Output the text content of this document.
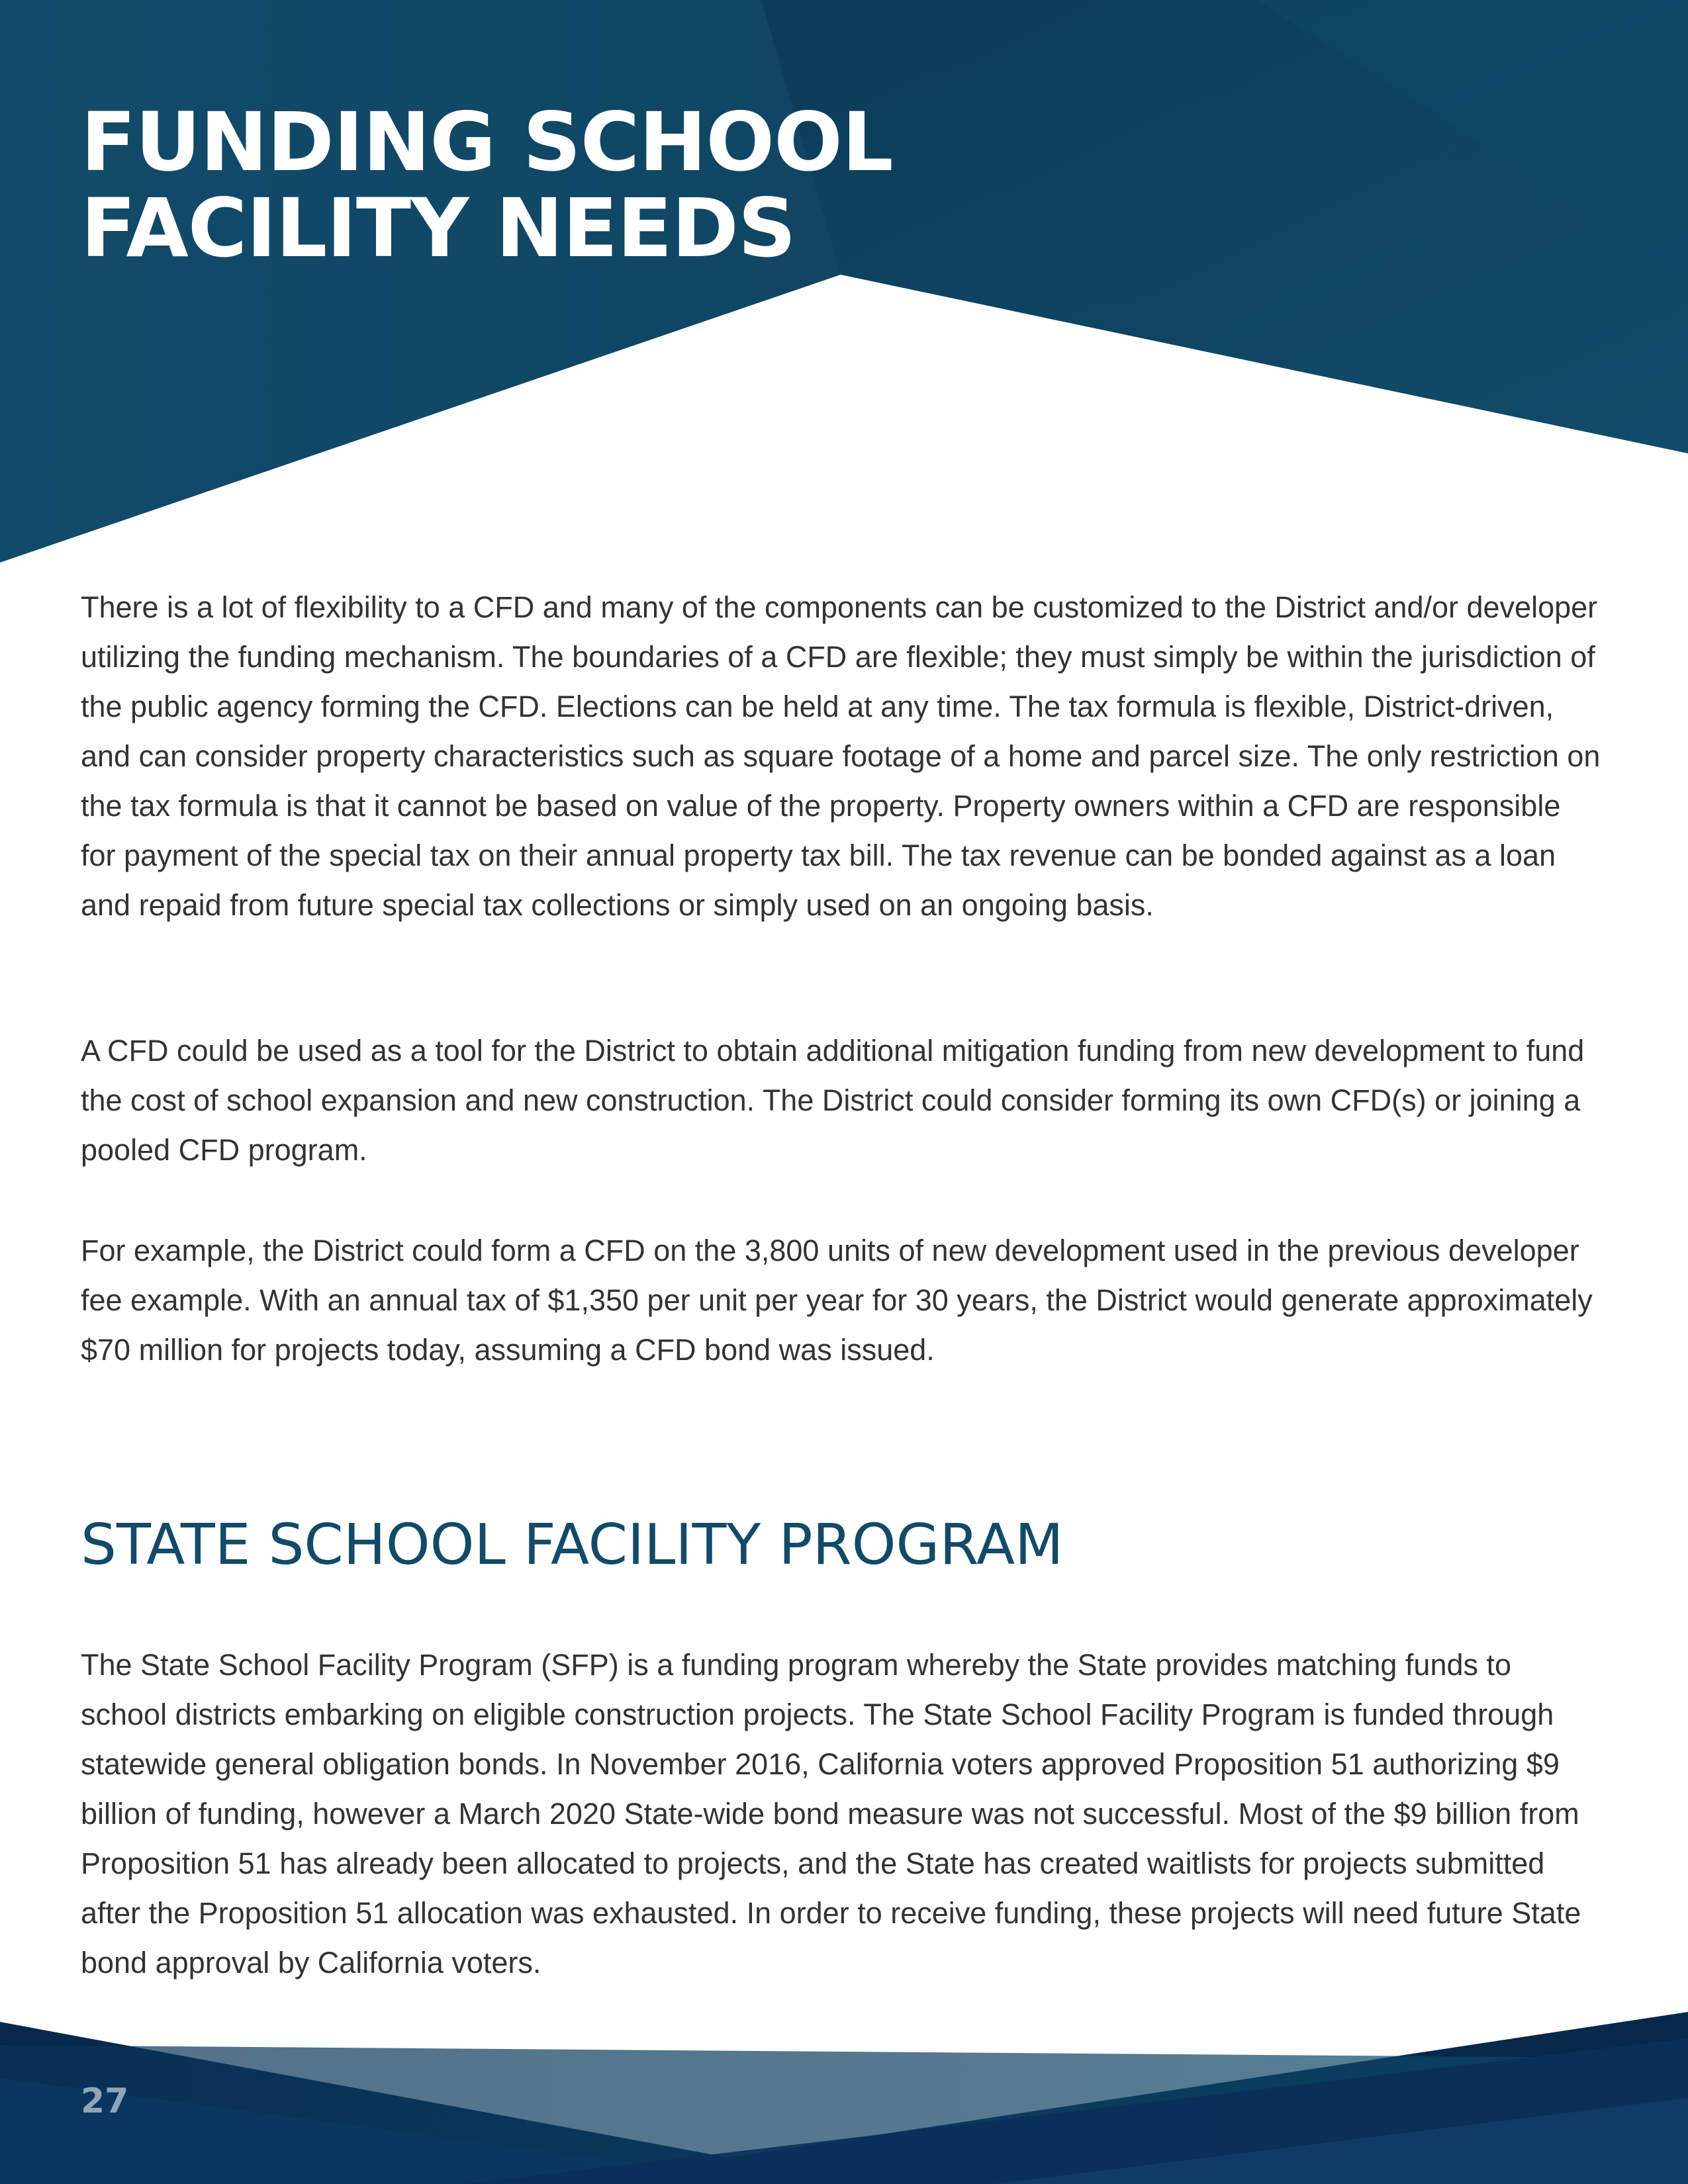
FUNDING SCHOOL
FACILITY NEEDS

There is a lot of flexibility to a CFD and many of the components can be customized to the District and/or developer utilizing the funding mechanism. The boundaries of a CFD are flexible; they must simply be within the jurisdiction of the public agency forming the CFD. Elections can be held at any time. The tax formula is flexible, District-driven, and can consider property characteristics such as square footage of a home and parcel size. The only restriction on the tax formula is that it cannot be based on value of the property. Property owners within a CFD are responsible for payment of the special tax on their annual property tax bill. The tax revenue can be bonded against as a loan and repaid from future special tax collections or simply used on an ongoing basis.

A CFD could be used as a tool for the District to obtain additional mitigation funding from new development to fund the cost of school expansion and new construction. The District could consider forming its own CFD(s) or joining a pooled CFD program.

For example, the District could form a CFD on the 3,800 units of new development used in the previous developer fee example. With an annual tax of $1,350 per unit per year for 30 years, the District would generate approximately $70 million for projects today, assuming a CFD bond was issued.

STATE SCHOOL FACILITY PROGRAM

The State School Facility Program (SFP) is a funding program whereby the State provides matching funds to school districts embarking on eligible construction projects. The State School Facility Program is funded through statewide general obligation bonds. In November 2016, California voters approved Proposition 51 authorizing $9 billion of funding, however a March 2020 State-wide bond measure was not successful. Most of the $9 billion from Proposition 51 has already been allocated to projects, and the State has created waitlists for projects submitted after the Proposition 51 allocation was exhausted. In order to receive funding, these projects will need future State bond approval by California voters.

27
